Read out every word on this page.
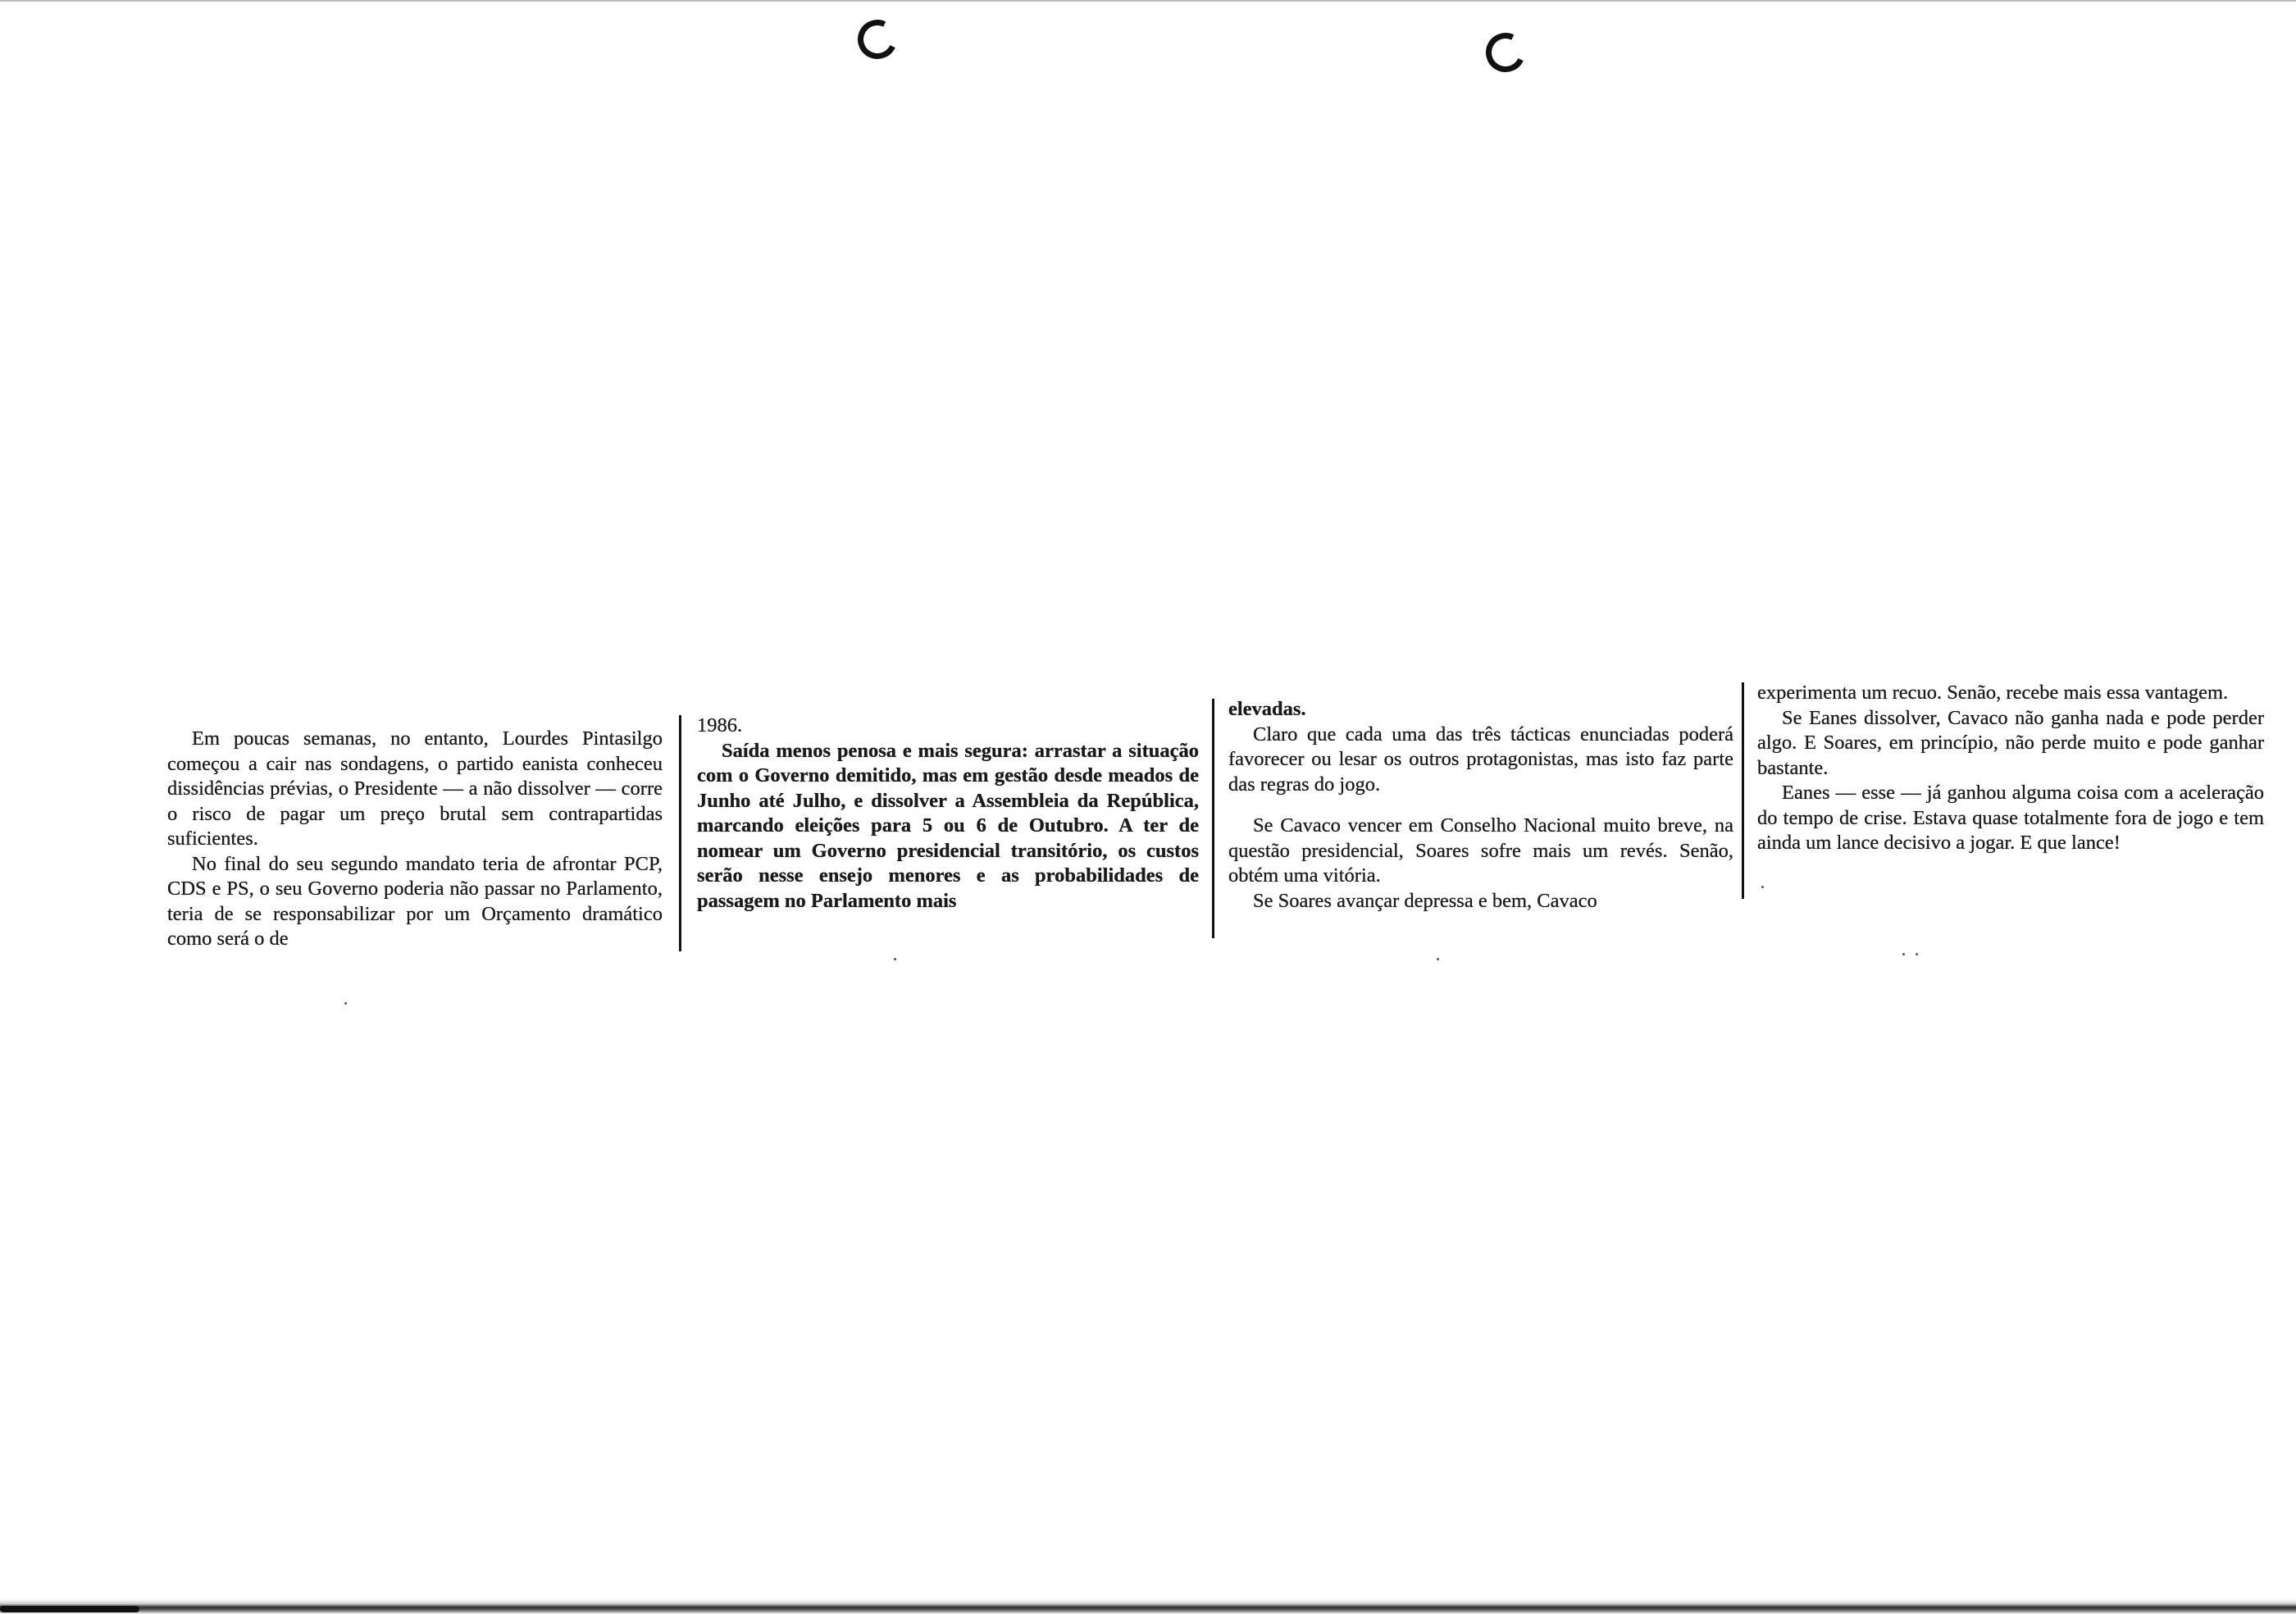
Em poucas semanas, no entanto, Lourdes Pintasilgo começou a cair nas sondagens, o partido eanista conheceu dissidências prévias, o Presidente — a não dissolver — corre o risco de pagar um preço brutal sem contrapartidas suficientes.

No final do seu segundo mandato teria de afrontar PCP, CDS e PS, o seu Governo poderia não passar no Parlamento, teria de se responsabilizar por um Orçamento dramático como será o de

1986.

Saída menos penosa e mais segura: arrastar a situação com o Governo demitido, mas em gestão desde meados de Junho até Julho, e dissolver a Assembleia da República, marcando eleições para 5 ou 6 de Outubro. A ter de nomear um Governo presidencial transitório, os custos serão nesse ensejo menores e as probabilidades de passagem no Parlamento mais

elevadas.

Claro que cada uma das três tácticas enunciadas poderá favorecer ou lesar os outros protagonistas, mas isto faz parte das regras do jogo.

Se Cavaco vencer em Conselho Nacional muito breve, na questão presidencial, Soares sofre mais um revés. Senão, obtém uma vitória.

Se Soares avançar depressa e bem, Cavaco

experimenta um recuo. Senão, recebe mais essa vantagem.

Se Eanes dissolver, Cavaco não ganha nada e pode perder algo. E Soares, em princípio, não perde muito e pode ganhar bastante.

Eanes — esse — já ganhou alguma coisa com a aceleração do tempo de crise. Estava quase totalmente fora de jogo e tem ainda um lance decisivo a jogar. E que lance!
